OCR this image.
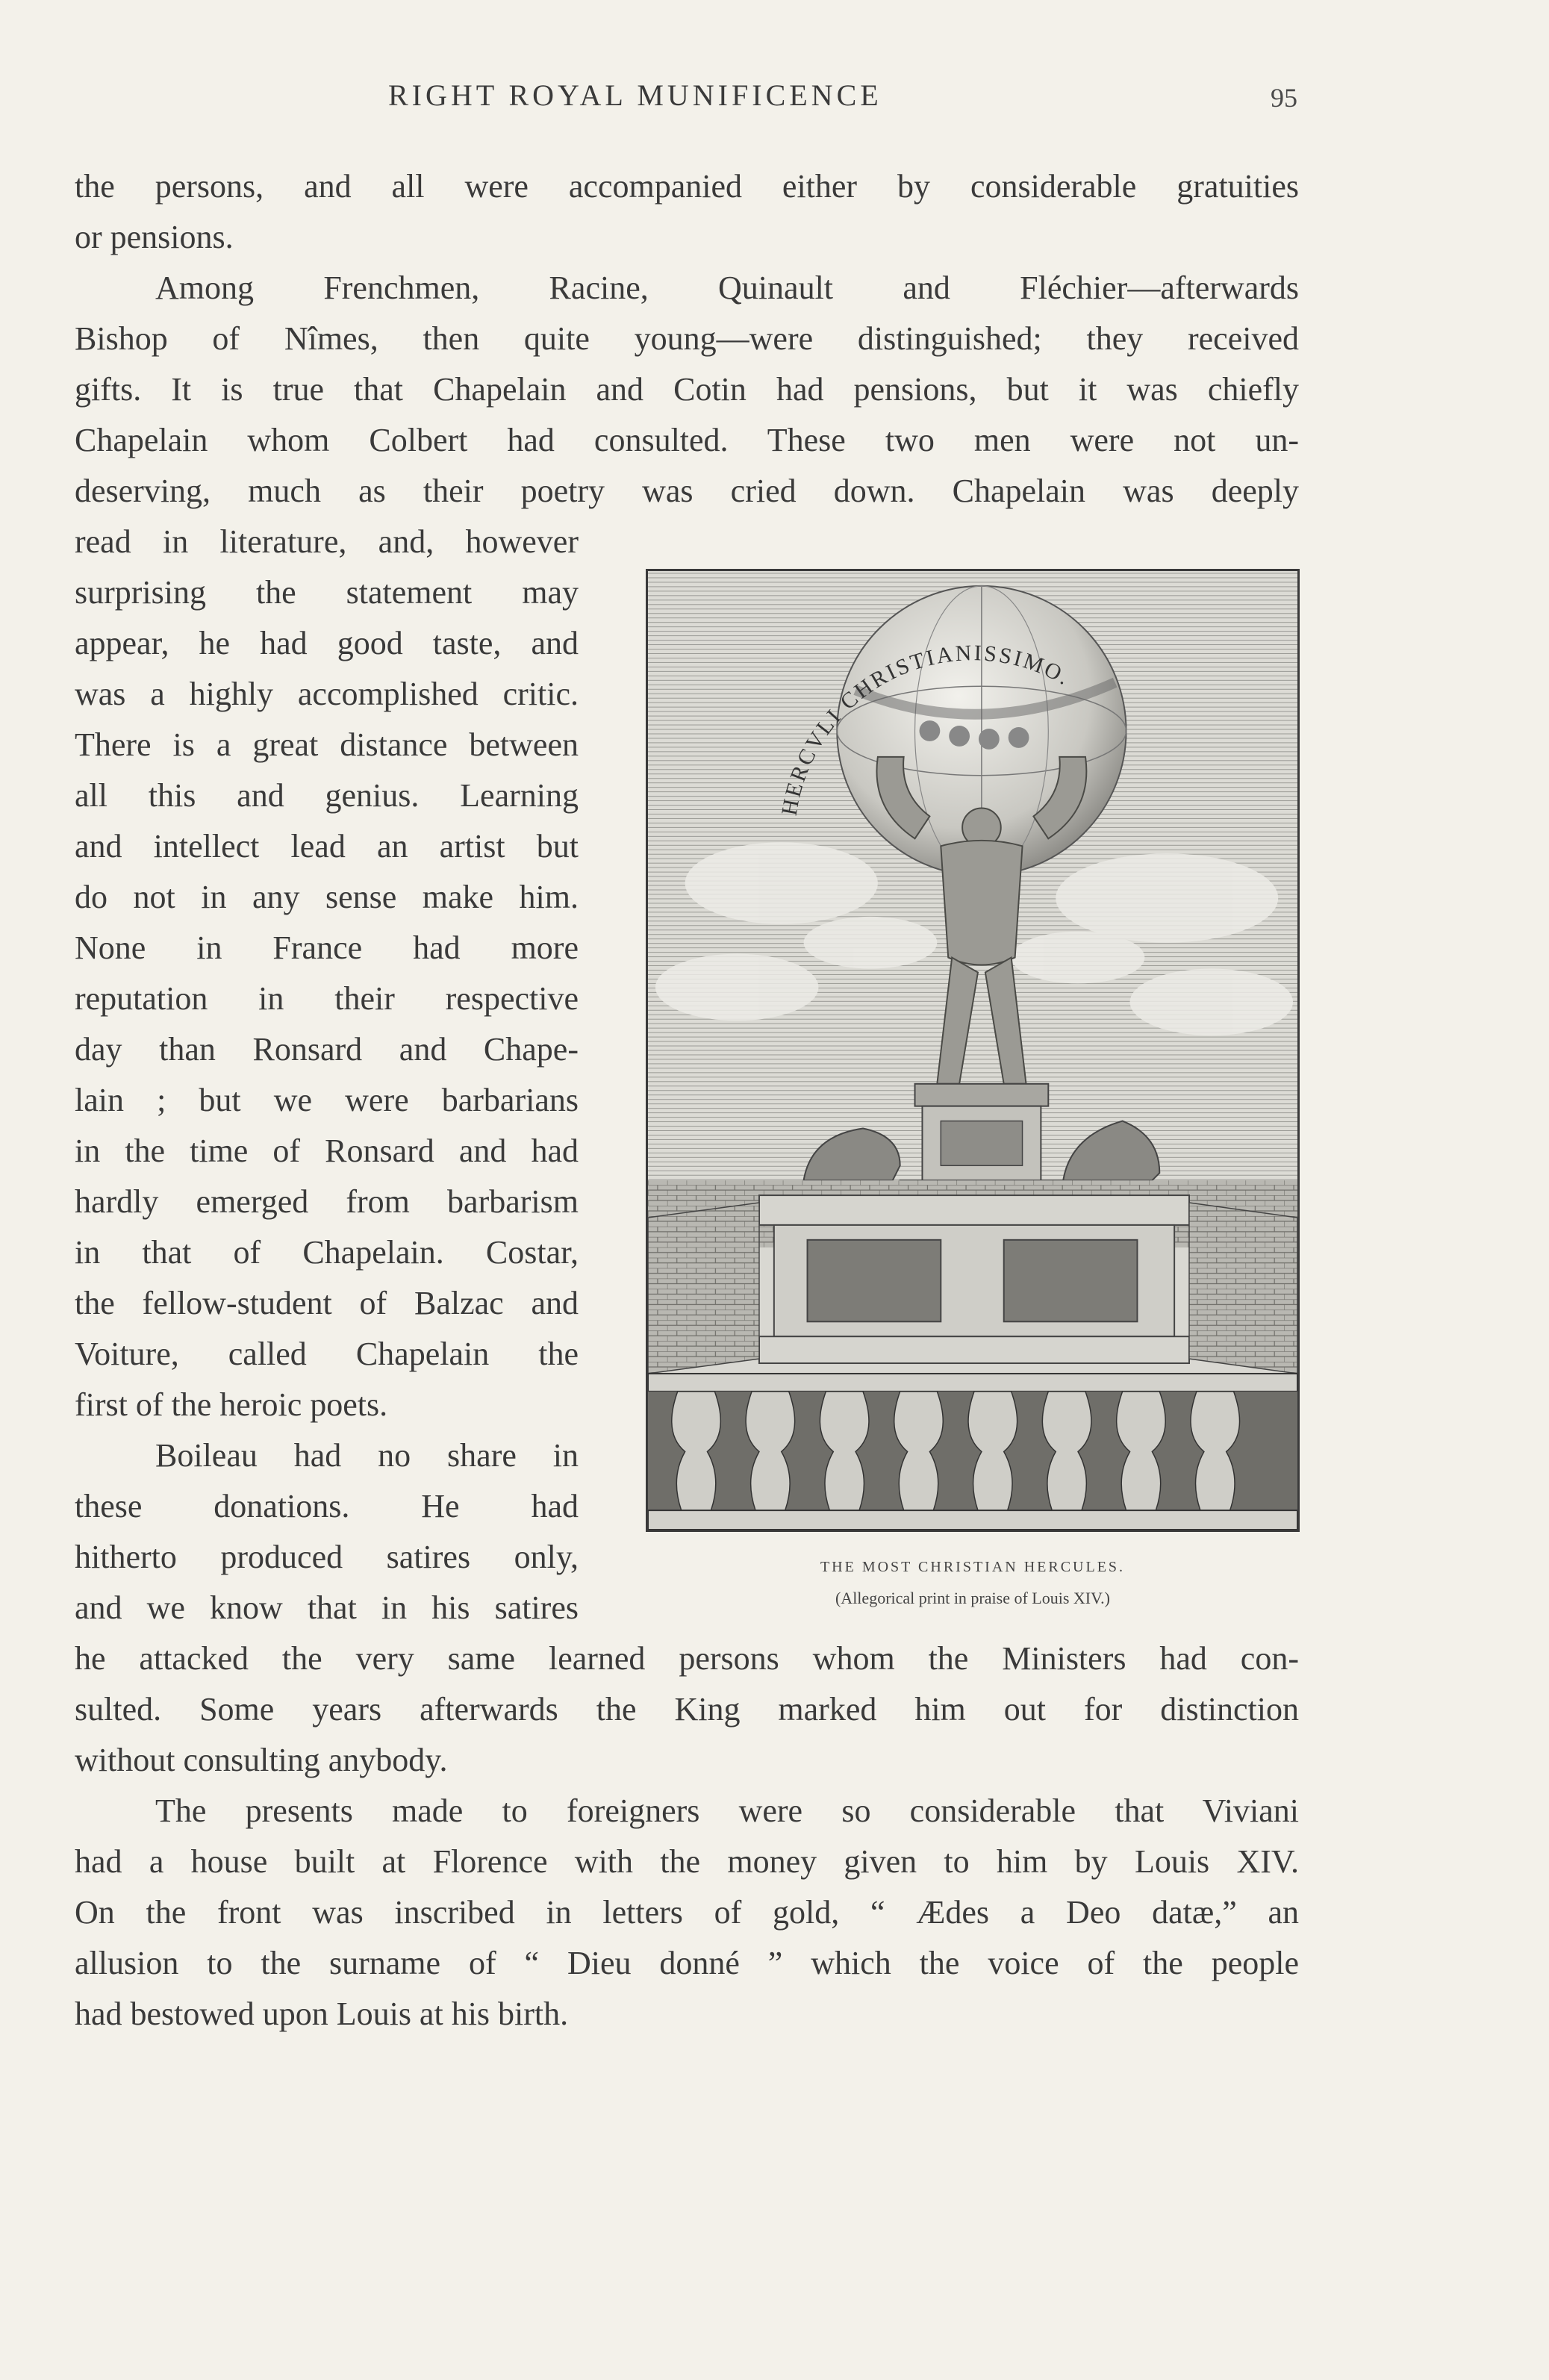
RIGHT ROYAL MUNIFICENCE	95
the persons, and all were accompanied either by considerable gratuities
or pensions.
Among Frenchmen, Racine, Quinault and Fléchier—afterwards
Bishop of Nîmes, then quite young—were distinguished; they received
gifts. It is true that Chapelain and Cotin had pensions, but it was chiefly
Chapelain whom Colbert had consulted. These two men were not un-
deserving, much as their poetry was cried down. Chapelain was deeply
read in literature, and, however
surprising the statement may
appear, he had good taste, and
was a highly accomplished critic.
There is a great distance between
all this and genius. Learning
and intellect lead an artist but
do not in any sense make him.
None in France had more
reputation in their respective
day than Ronsard and Chape-
lain ; but we were barbarians
in the time of Ronsard and had
hardly emerged from barbarism
in that of Chapelain. Costar,
the fellow-student of Balzac and
Voiture, called Chapelain the
first of the heroic poets.
Boileau had no share in
these donations. He had
hitherto produced satires only,
and we know that in his satires
he attacked the very same learned persons whom the Ministers had con-
sulted. Some years afterwards the King marked him out for distinction
without consulting anybody.
The presents made to foreigners were so considerable that Viviani
had a house built at Florence with the money given to him by Louis XIV.
On the front was inscribed in letters of gold, “ Ædes a Deo datæ,” an
allusion to the surname of “ Dieu donné ” which the voice of the people
had bestowed upon Louis at his birth.
HERCVLI CHRISTIANISSIMO.
THE MOST CHRISTIAN HERCULES.
(Allegorical print in praise of Louis XIV.)
